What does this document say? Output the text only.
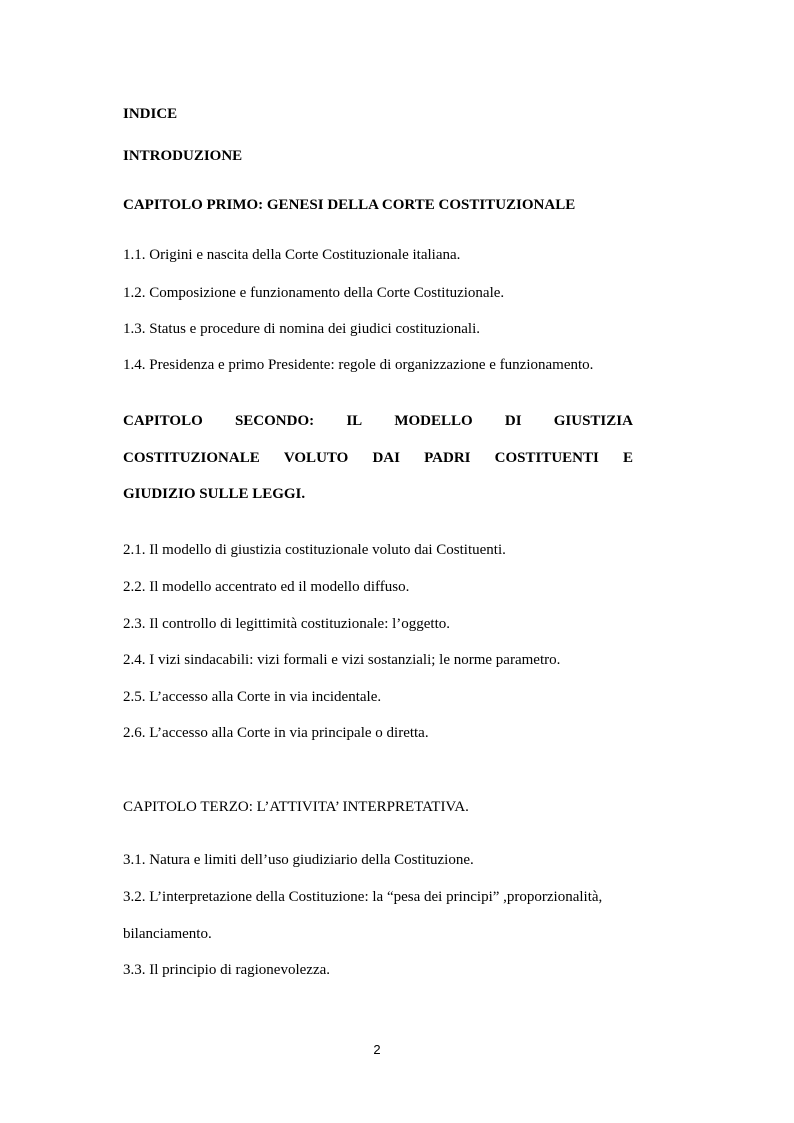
INDICE
INTRODUZIONE
CAPITOLO PRIMO: GENESI DELLA CORTE COSTITUZIONALE
1.1. Origini e nascita della Corte Costituzionale italiana.
1.2. Composizione e funzionamento della Corte Costituzionale.
1.3. Status e procedure di nomina dei giudici costituzionali.
1.4. Presidenza e primo Presidente: regole di organizzazione e funzionamento.
CAPITOLO SECONDO: IL MODELLO DI GIUSTIZIA
COSTITUZIONALE VOLUTO DAI PADRI COSTITUENTI E
GIUDIZIO SULLE LEGGI.
2.1. Il modello di giustizia costituzionale voluto dai Costituenti.
2.2. Il modello accentrato ed il modello diffuso.
2.3. Il controllo di legittimità costituzionale: l’oggetto.
2.4. I vizi sindacabili: vizi formali e vizi sostanziali; le norme parametro.
2.5. L’accesso alla Corte in via incidentale.
2.6. L’accesso alla Corte in via principale o diretta.
CAPITOLO TERZO: L’ATTIVITA’ INTERPRETATIVA.
3.1. Natura e limiti dell’uso giudiziario della Costituzione.
3.2. L’interpretazione della Costituzione: la “pesa dei principi” ,proporzionalità,
bilanciamento.
3.3. Il principio di ragionevolezza.
2
